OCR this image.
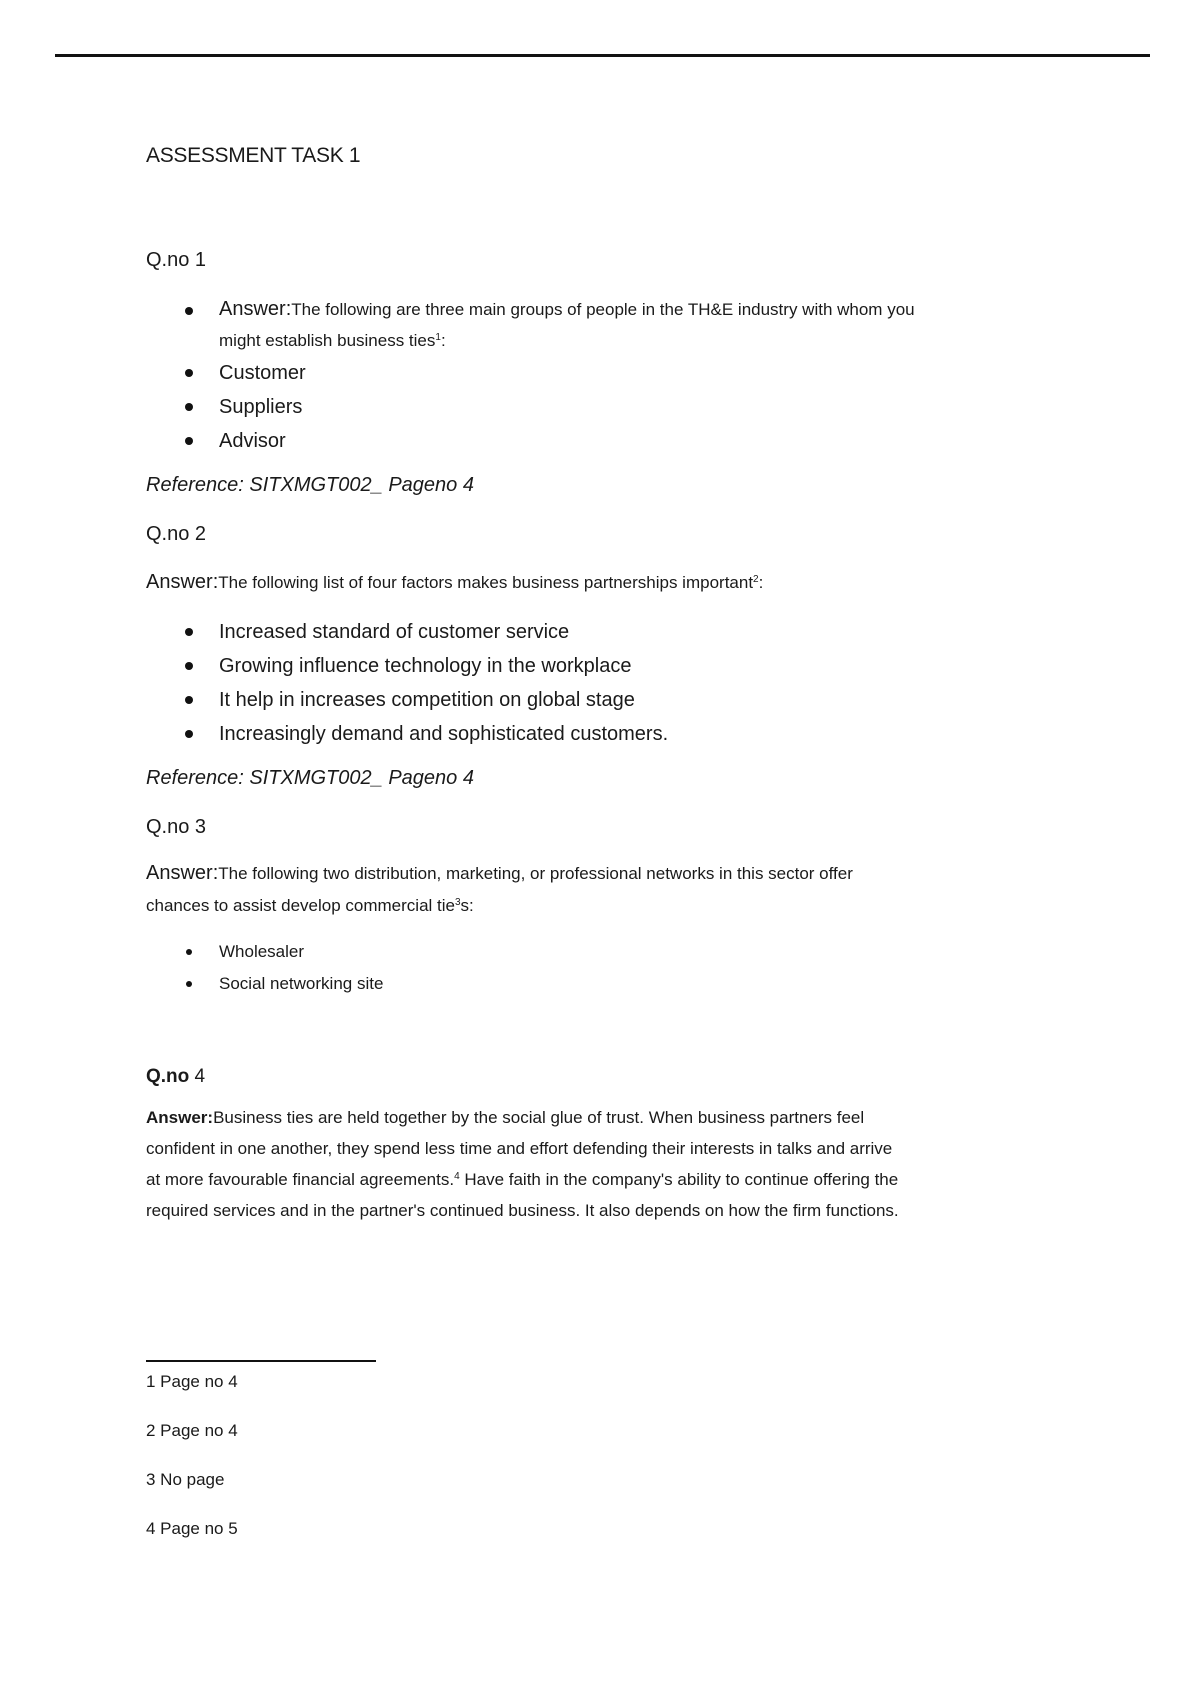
ASSESSMENT TASK 1
Q.no 1
Answer:The following are three main groups of people in the TH&E industry with whom you
might establish business ties$^1$:
Customer
Suppliers
Advisor

Reference: SITXMGT002_ Pageno 4

Q.no 2

Answer:The following list of four factors makes business partnerships important$^2$:

Increased standard of customer service
Growing influence technology in the workplace
It help in increases competition on global stage
Increasingly demand and sophisticated customers.

Reference: SITXMGT002_ Pageno 4

Q.no 3

Answer:The following two distribution, marketing, or professional networks in this sector offer
chances to assist develop commercial tie$^3$s:

Wholesaler
Social networking site
Q.no 4

Answer:Business ties are held together by the social glue of trust. When business partners feel
confident in one another, they spend less time and effort defending their interests in talks and arrive
at more favourable financial agreements.$^4$ Have faith in the company's ability to continue offering the
required services and in the partner's continued business. It also depends on how the firm functions.

1 Page no 4
2 Page no 4
3 No page
4 Page no 5
